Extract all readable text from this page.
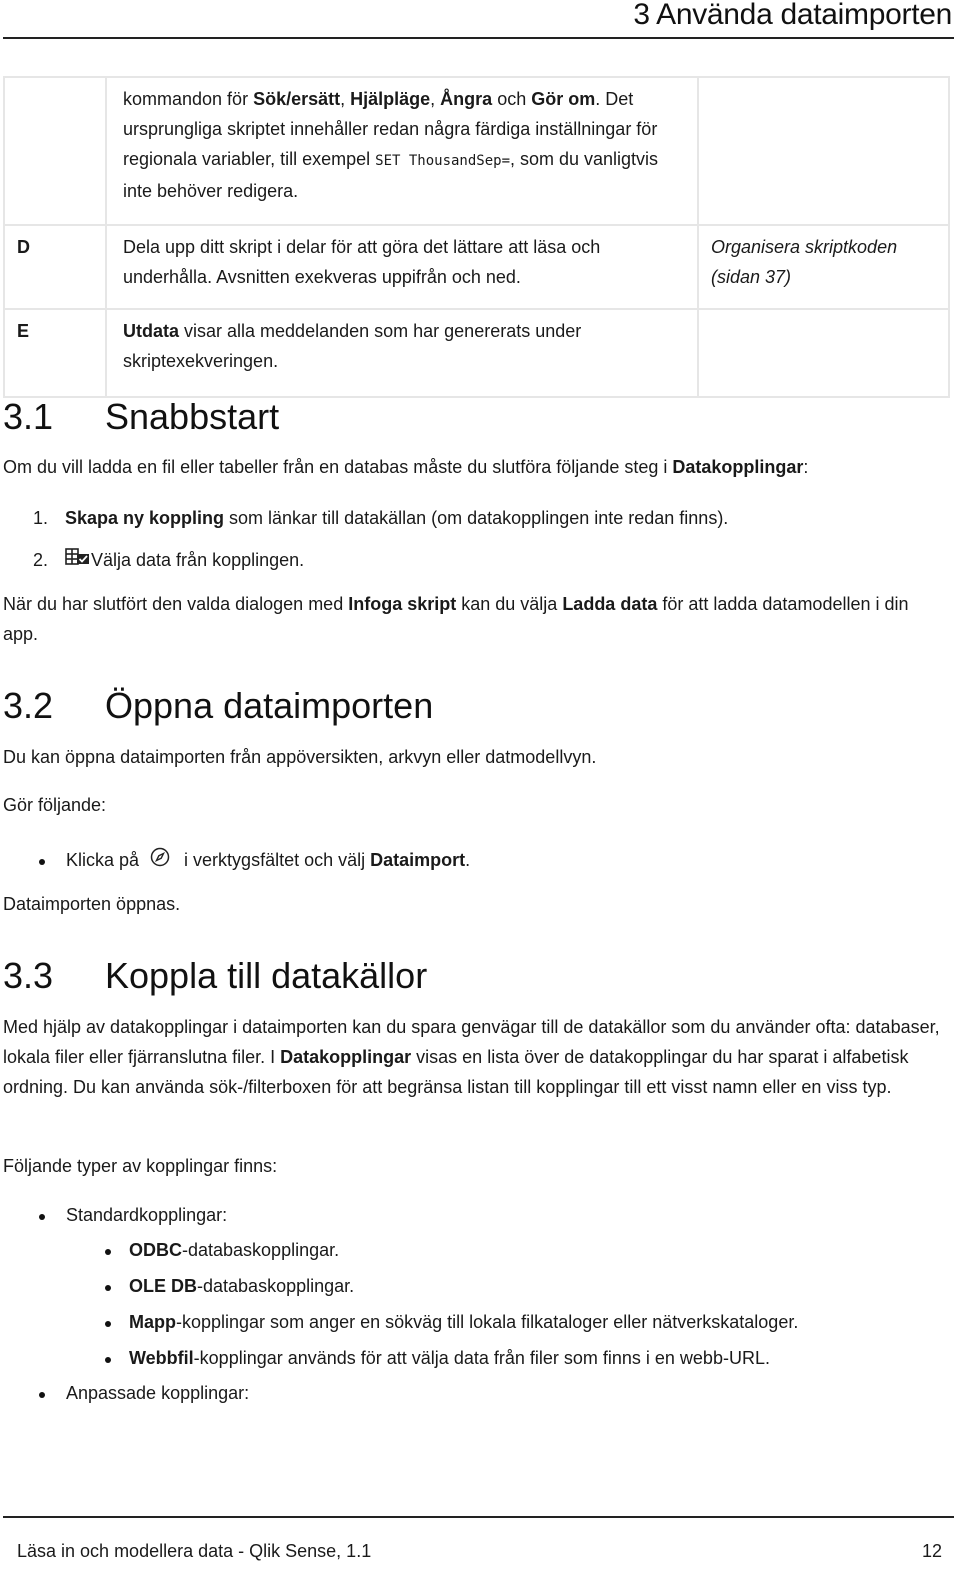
3 Använda dataimporten
	kommandon för Sök/ersätt, Hjälpläge, Ångra och Gör om. Det ursprungliga skriptet innehåller redan några färdiga inställningar för regionala variabler, till exempel SET ThousandSep=, som du vanligtvis inte behöver redigera.	
D	Dela upp ditt skript i delar för att göra det lättare att läsa och underhålla. Avsnitten exekveras uppifrån och ned.	Organisera skriptkoden (sidan 37)
E	Utdata visar alla meddelanden som har genererats under skriptexekveringen.	
3.1 Snabbstart

Om du vill ladda en fil eller tabeller från en databas måste du slutföra följande steg i Datakopplingar:

1. Skapa ny koppling som länkar till datakällan (om datakopplingen inte redan finns).

2. Välja data från kopplingen.

När du har slutfört den valda dialogen med Infoga skript kan du välja Ladda data för att ladda datamodellen i din app.

3.2 Öppna dataimporten

Du kan öppna dataimporten från appöversikten, arkvyn eller datmodellvyn.

Gör följande:

Klicka på i verktygsfältet och välj Dataimport.

Dataimporten öppnas.

3.3 Koppla till datakällor

Med hjälp av datakopplingar i dataimporten kan du spara genvägar till de datakällor som du använder ofta: databaser, lokala filer eller fjärranslutna filer. I Datakopplingar visas en lista över de datakopplingar du har sparat i alfabetisk ordning. Du kan använda sök-/filterboxen för att begränsa listan till kopplingar till ett visst namn eller en viss typ.

Följande typer av kopplingar finns:

Standardkopplingar:

ODBC-databaskopplingar.

OLE DB-databaskopplingar.

Mapp-kopplingar som anger en sökväg till lokala filkataloger eller nätverkskataloger.

Webbfil-kopplingar används för att välja data från filer som finns i en webb-URL.

Anpassade kopplingar:

Läsa in och modellera data - Qlik Sense, 1.1	12
